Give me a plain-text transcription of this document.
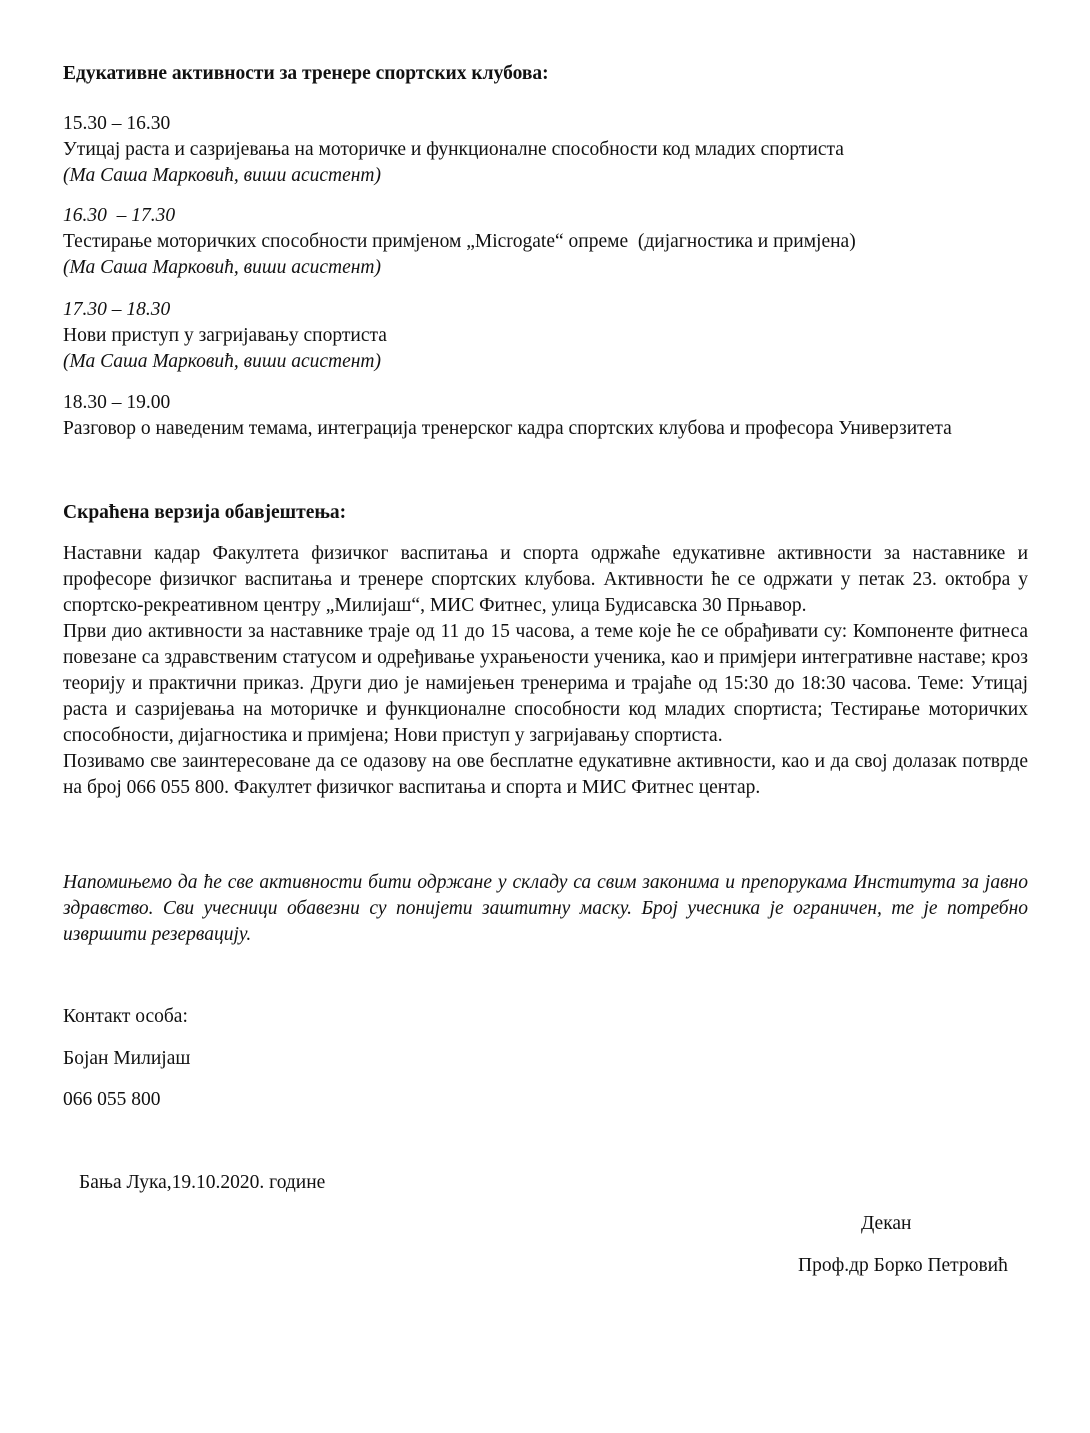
Едукативне активности за тренере спортских клубова:
15.30 – 16.30
Утицај раста и сазријевања на моторичке и функционалне способности код младих спортиста
(Ма Саша Марковић, виши асистент)
16.30  – 17.30
Тестирање моторичких способности примјеном „Microgate“ опреме  (дијагностика и примјена)
(Ма Саша Марковић, виши асистент)
17.30 – 18.30
Нови приступ у загријавању спортиста
(Ма Саша Марковић, виши асистент)
18.30 – 19.00
Разговор о наведеним темама, интеграција тренерског кадра спортских клубова и професора Универзитета
Скраћена верзија обавјештења:

Наставни кадар Факултета физичког васпитања и спорта одржаће едукативне активности за наставнике и професоре физичког васпитања и тренере спортских клубова. Активности ће се одржати у петак 23. октобра у спортско-рекреативном центру „Милијаш“, МИС Фитнес, улица Будисавска 30 Прњавор.

Први дио активности за наставнике траје од 11 до 15 часова, а теме које ће се обрађивати су: Компоненте фитнеса повезане са здравственим статусом и одређивање ухрањености ученика, као и примјери интегративне наставе; кроз теорију и практични приказ. Други дио је намијењен тренерима и трајаће од 15:30 до 18:30 часова. Теме: Утицај раста и сазријевања на моторичке и функционалне способности код младих спортиста; Тестирање моторичких способности, дијагностика и примјена; Нови приступ у загријавању спортиста.

Позивамо све заинтересоване да се одазову на ове бесплатне едукативне активности, као и да свој долазак потврде на број 066 055 800. Факултет физичког васпитања и спорта и МИС Фитнес центар.

Напомињемо да ће све активности бити одржане у складу са свим законима и препорукама Института за јавно здравство. Сви учесници обавезни су понијети заштитну маску. Број учесника је ограничен, те је потребно извршити резервацију.
Контакт особа:
Бојан Милијаш
066 055 800
Бања Лука,19.10.2020. године
Декан
Проф.др Борко Петровић
